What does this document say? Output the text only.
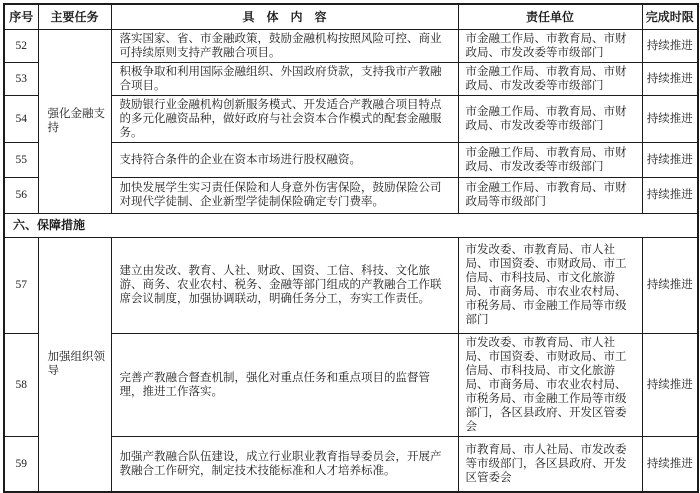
序号	主要任务	具　体　内　容	责任单位	完成时限
52	强化金融支持	落实国家、省、市金融政策，鼓励金融机构按照风险可控、商业可持续原则支持产教融合项目。	市金融工作局、市教育局、市财政局、市发改委等市级部门	持续推进
53		积极争取和利用国际金融组织、外国政府贷款，支持我市产教融合项目。	市金融工作局、市教育局、市财政局、市发改委等市级部门	持续推进
54		鼓励银行业金融机构创新服务模式、开发适合产教融合项目特点的多元化融资品种，做好政府与社会资本合作模式的配套金融服务。	市金融工作局、市教育局、市财政局、市发改委等市级部门	持续推进
55		支持符合条件的企业在资本市场进行股权融资。	市金融工作局、市教育局、市财政局、市发改委等市级部门	持续推进
56		加快发展学生实习责任保险和人身意外伤害保险，鼓励保险公司对现代学徒制、企业新型学徒制保险确定专门费率。	市金融工作局、市教育局、市财政局等市级部门	持续推进
六、保障措施				
57	加强组织领导	建立由发改、教育、人社、财政、国资、工信、科技、文化旅游、商务、农业农村、税务、金融等部门组成的产教融合工作联席会议制度，加强协调联动，明确任务分工，夯实工作责任。	市发改委、市教育局、市人社局、市国资委、市财政局、市工信局、市科技局、市文化旅游局、市商务局、市农业农村局、市税务局、市金融工作局等市级部门	持续推进
58		完善产教融合督查机制，强化对重点任务和重点项目的监督管理，推进工作落实。	市发改委、市教育局、市人社局、市国资委、市财政局、市工信局、市科技局、市文化旅游局、市商务局、市农业农村局、市税务局、市金融工作局等市级部门，各区县政府、开发区管委会	持续推进
59		加强产教融合队伍建设，成立行业职业教育指导委员会，开展产教融合工作研究，制定技术技能标准和人才培养标准。	市教育局、市人社局、市发改委等市级部门，各区县政府、开发区管委会	持续推进
